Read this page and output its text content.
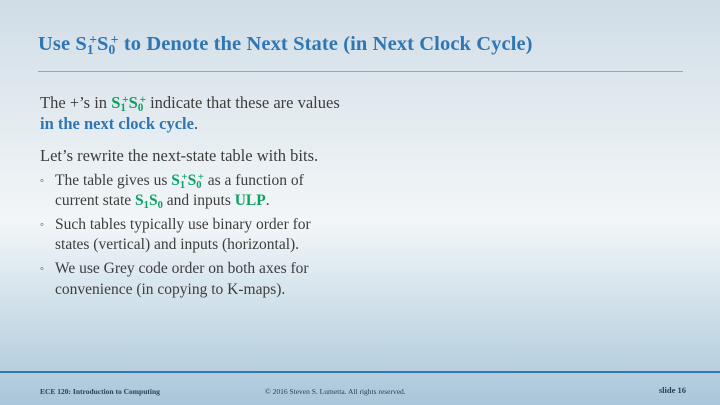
Use $S_1^+S_0^+$ to Denote the Next State (in Next Clock Cycle)

The +’s in $S_1^+S_0^+$ indicate that these are values
in the next clock cycle.

Let’s rewrite the next-state table with bits.

◦ The table gives us $S_1^+S_0^+$ as a function of
current state $S_1S_0$ and inputs ULP.
◦ Such tables typically use binary order for
states (vertical) and inputs (horizontal).
◦ We use Grey code order on both axes for
convenience (in copying to K-maps).
ECE 120: Introduction to Computing	© 2016 Steven S. Lumetta. All rights reserved.	slide 16
